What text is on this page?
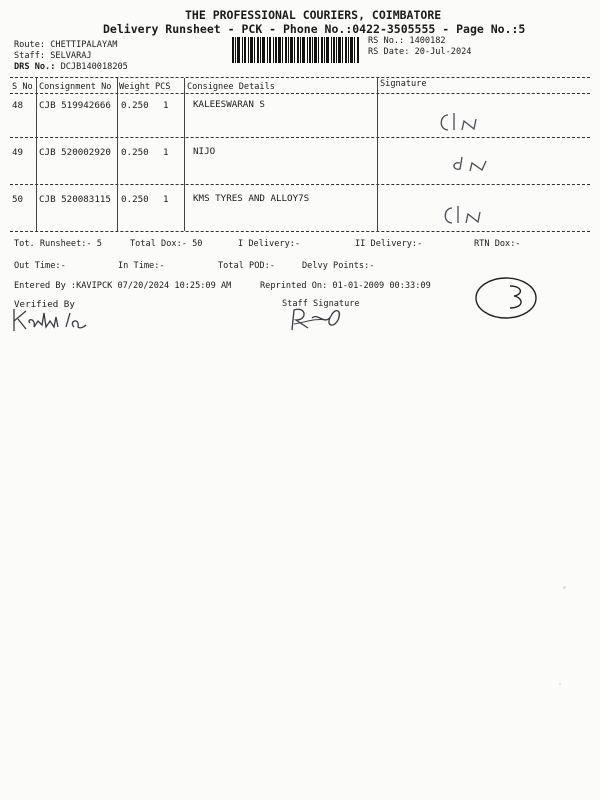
THE PROFESSIONAL COURIERS, COIMBATORE
Delivery Runsheet - PCK - Phone No.:0422-3505555 - Page No.:5
Route: CHETTIPALAYAM
Staff: SELVARAJ
DRS No.: DCJB140018205
RS No.: 1400182
RS Date: 20-Jul-2024
S No Consignment No Weight PCS Consignee Details	Signature
48 CJB 519942666 0.250 1	KALEESWARAN S
49 CJB 520002920 0.250 1	NIJO
50 CJB 520083115 0.250 1	KMS TYRES AND ALLOY7S
Tot. Runsheet:- 5	Total Dox:- 50	I Delivery:-	II Delivery:-	RTN Dox:-
Out Time:-	In Time:-	Total POD:-	Delvy Points:-
Entered By :KAVIPCK 07/20/2024 10:25:09 AM	Reprinted On: 01-01-2009 00:33:09
Verified By	Staff Signature
